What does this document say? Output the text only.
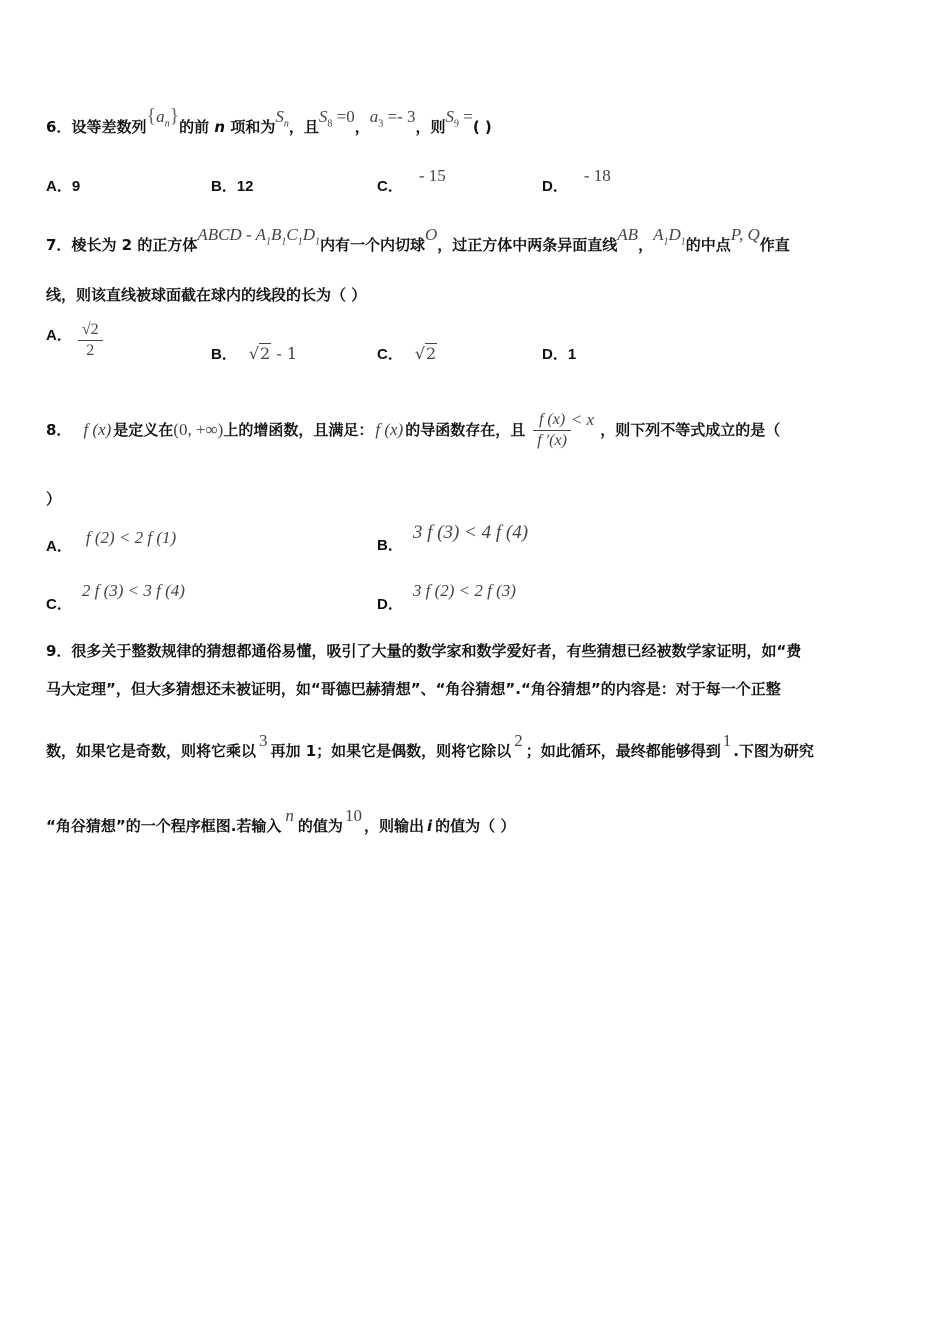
6．设等差数列$\{a_n\}$的前 n 项和为$S_n$，且$S_8 =0$，$a_3 =- 3$，则$S_9$ =( )
A．9	B．12	C．- 15
D．- 18
7．棱长为 2 的正方体ABCD - $A_1B_1C_1D_1$内有一个内切球O，过正方体中两条异面直线AB，$A_1D_1$的中点P, Q作直
线，则该直线被球面截在球内的线段的长为（ ）
A． $\frac{√2}{2}$	B． √2 - 1	C． √2	D．1
8． f (x) 是定义在(0, +∞)上的增函数，且满足： f (x) 的导函数存在，且 $\frac{f (x)}{f '(x)} < x$，则下列不等式成立的是（
）
A． f (2) < 2 f (1)	B．3 f (3) < 4 f (4)
C．2 f (3) < 3 f (4)
D．3 f (2) < 2 f (3)
9．很多关于整数规律的猜想都通俗易懂，吸引了大量的数学家和数学爱好者，有些猜想已经被数学家证明，如“费
马大定理”，但大多猜想还未被证明，如“哥德巴赫猜想”、“角谷猜想”.“角谷猜想”的内容是：对于每一个正整
数，如果它是奇数，则将它乘以3再加 1；如果它是偶数，则将它除以2；如此循环，最终都能够得到1.下图为研究
“角谷猜想”的一个程序框图.若输入n的值为10，则输出 i 的值为（ ）
